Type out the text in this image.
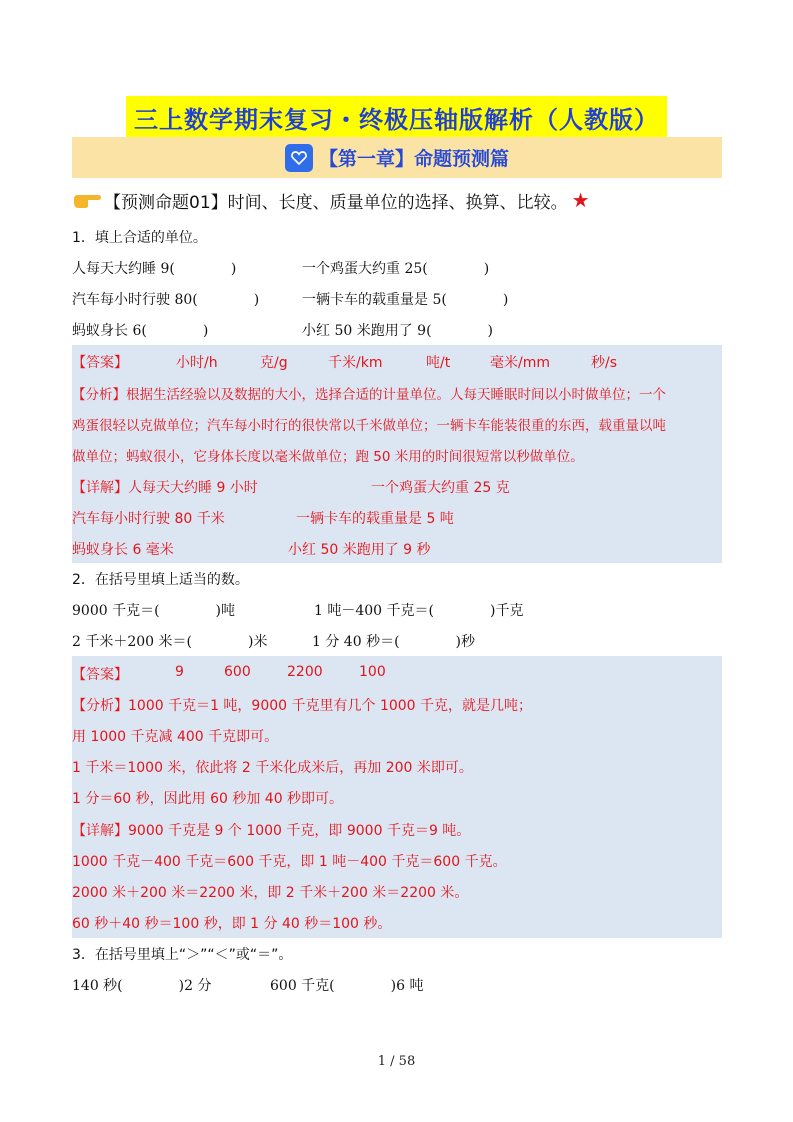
三上数学期末复习・终极压轴版解析（人教版）
【第一章】命题预测篇
【预测命题01】时间、长度、质量单位的选择、换算、比较。 ★
1．填上合适的单位。
人每天大约睡 9(　　　　)	一个鸡蛋大约重 25(　　　　)
汽车每小时行驶 80(　　　　)	一辆卡车的载重量是 5(　　　　)
蚂蚁身长 6(　　　　)	小红 50 米跑用了 9(　　　　)
【答案】	小时/h	克/g	千米/km	吨/t	毫米/mm	秒/s
【分析】根据生活经验以及数据的大小，选择合适的计量单位。人每天睡眠时间以小时做单位；一个
鸡蛋很轻以克做单位；汽车每小时行的很快常以千米做单位；一辆卡车能装很重的东西，载重量以吨
做单位；蚂蚁很小，它身体长度以毫米做单位；跑 50 米用的时间很短常以秒做单位。
【详解】人每天大约睡 9 小时	一个鸡蛋大约重 25 克
汽车每小时行驶 80 千米	一辆卡车的载重量是 5 吨
蚂蚁身长 6 毫米	小红 50 米跑用了 9 秒
2．在括号里填上适当的数。
9000 千克＝(　　　　)吨	1 吨－400 千克＝(　　　　)千克
2 千米＋200 米＝(　　　　)米	1 分 40 秒＝(　　　　)秒
【答案】	9	600	2200	100
【分析】1000 千克＝1 吨，9000 千克里有几个 1000 千克，就是几吨；
用 1000 千克减 400 千克即可。
1 千米＝1000 米，依此将 2 千米化成米后，再加 200 米即可。
1 分＝60 秒，因此用 60 秒加 40 秒即可。
【详解】9000 千克是 9 个 1000 千克，即 9000 千克＝9 吨。
1000 千克－400 千克＝600 千克，即 1 吨－400 千克＝600 千克。
2000 米＋200 米＝2200 米，即 2 千米＋200 米＝2200 米。
60 秒＋40 秒＝100 秒，即 1 分 40 秒＝100 秒。
3．在括号里填上“＞”“＜”或“＝”。
140 秒(　　　　)2 分	600 千克(　　　　)6 吨
1 / 58
